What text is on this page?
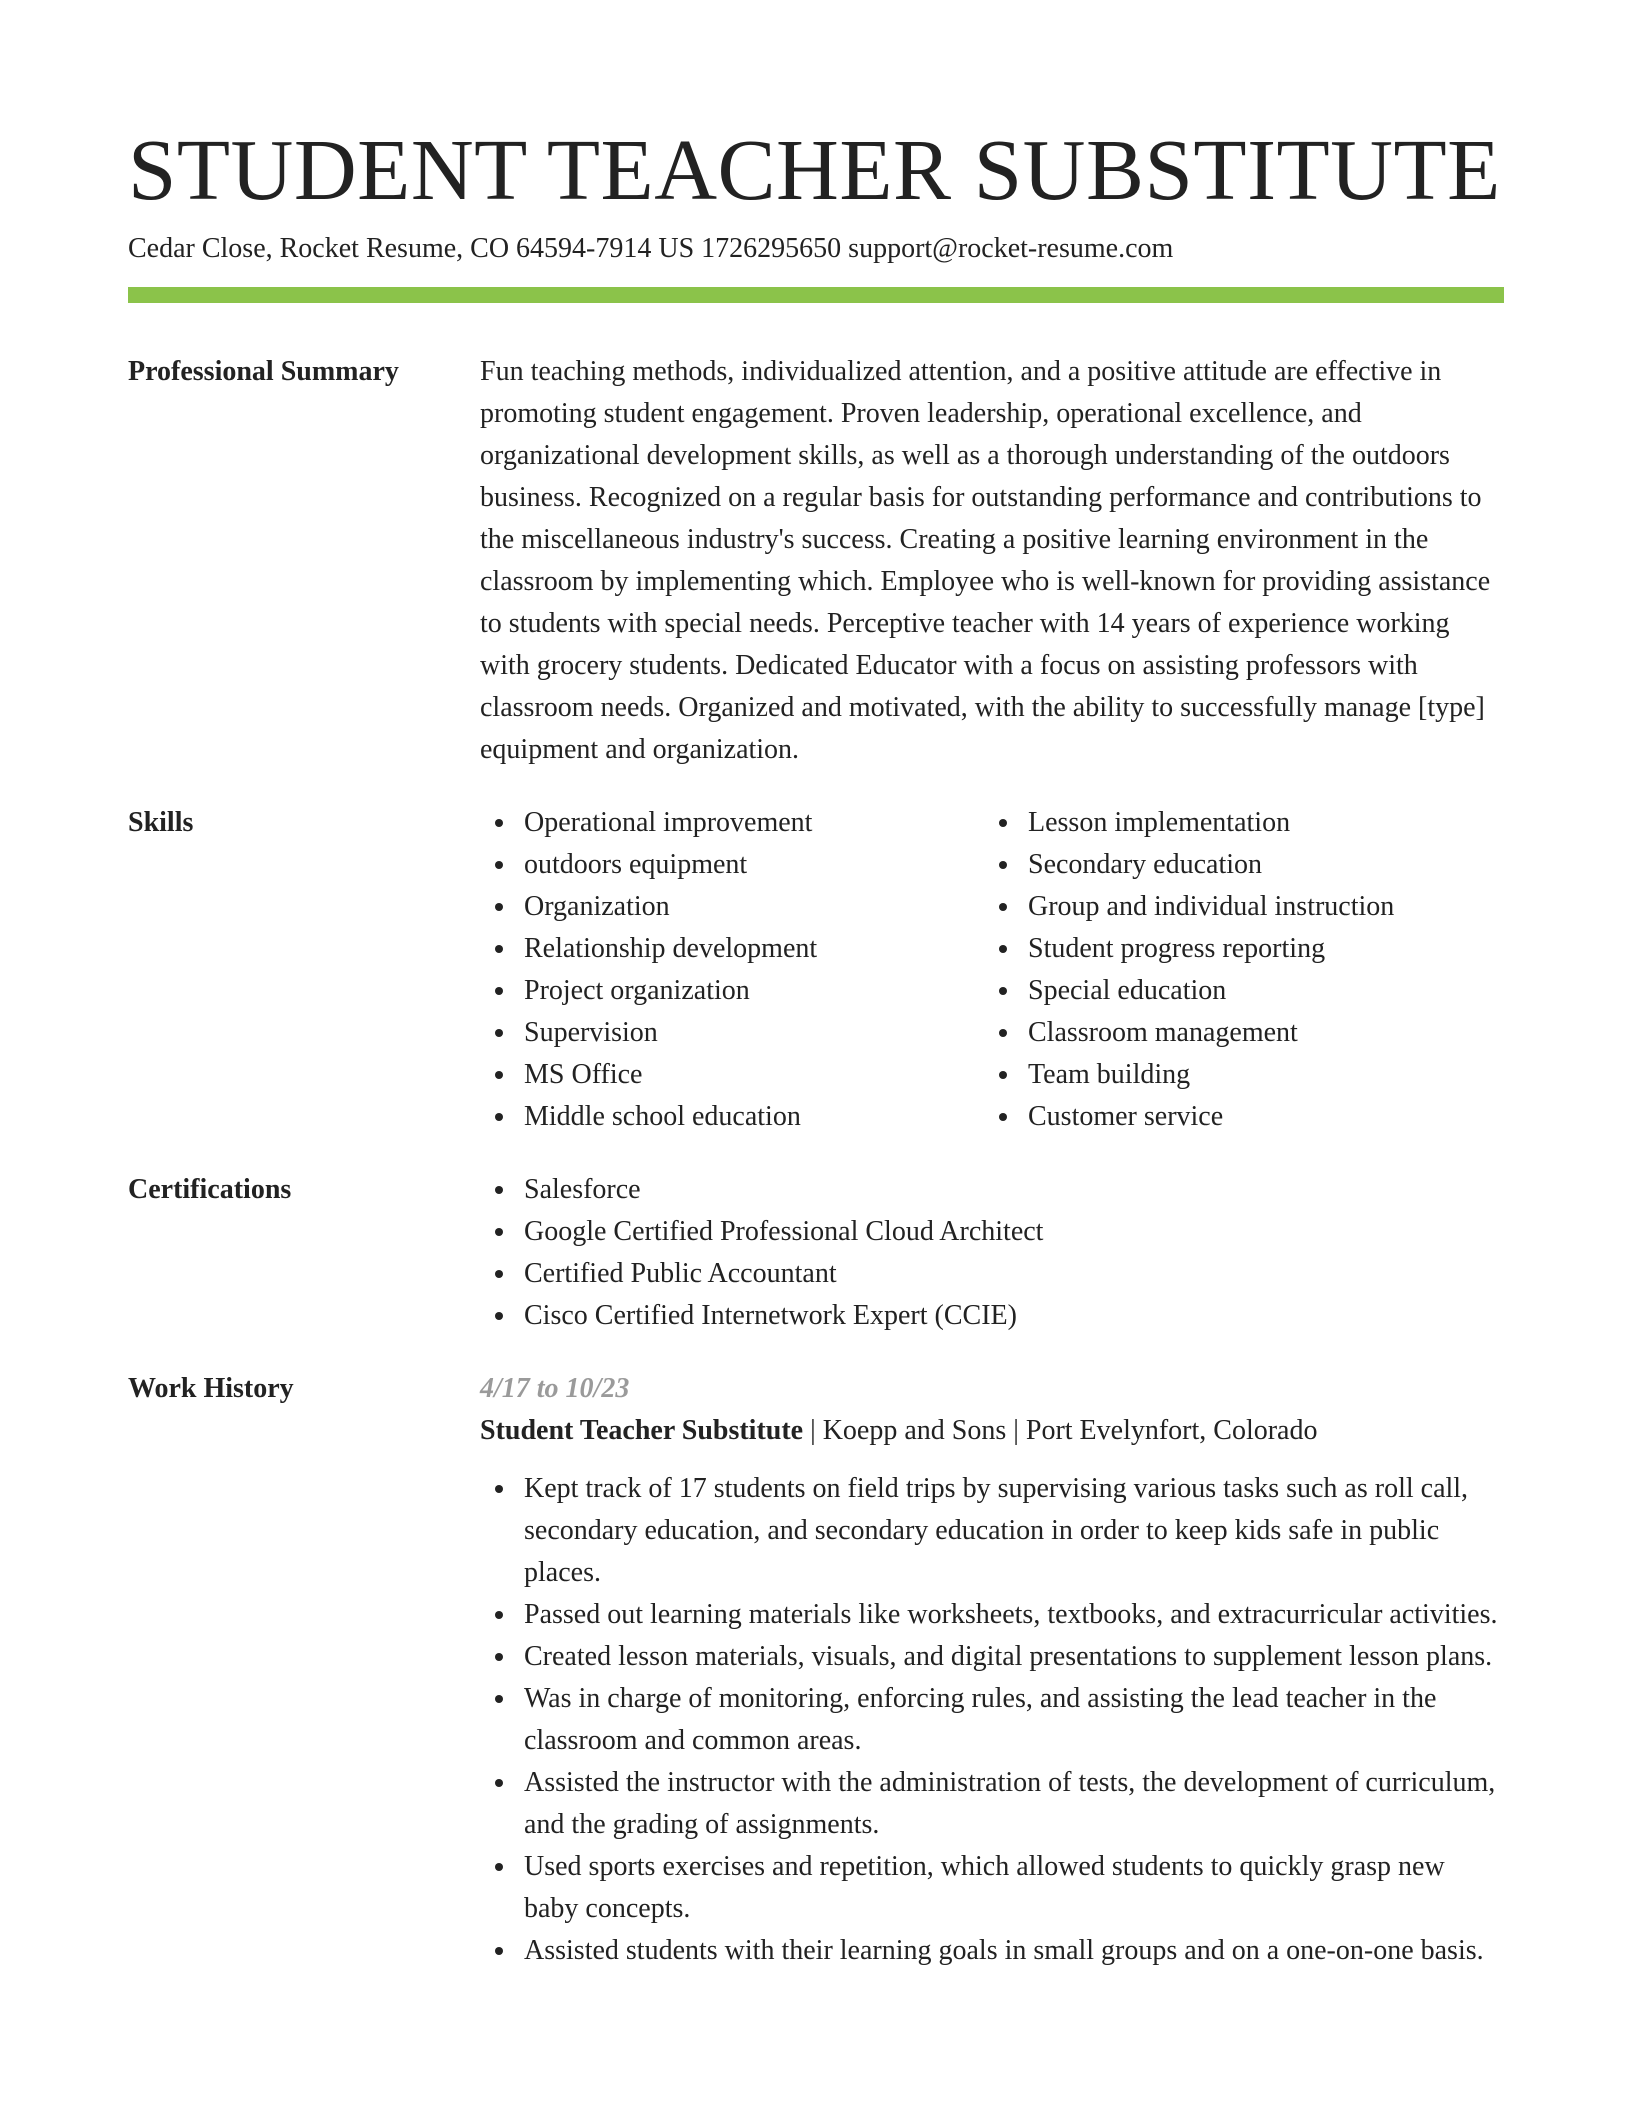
STUDENT TEACHER SUBSTITUTE
Cedar Close, Rocket Resume, CO 64594-7914 US 1726295650 support@rocket-resume.com
Professional Summary	Fun teaching methods, individualized attention, and a positive attitude are effective in promoting student engagement. Proven leadership, operational excellence, and organizational development skills, as well as a thorough understanding of the outdoors business. Recognized on a regular basis for outstanding performance and contributions to the miscellaneous industry's success. Creating a positive learning environment in the classroom by implementing which. Employee who is well-known for providing assistance to students with special needs. Perceptive teacher with 14 years of experience working with grocery students. Dedicated Educator with a focus on assisting professors with classroom needs. Organized and motivated, with the ability to successfully manage [type] equipment and organization.

Skills	Operational improvement
outdoors equipment
Organization
Relationship development
Project organization
Supervision
MS Office
Middle school education
Lesson implementation
Secondary education
Group and individual instruction
Student progress reporting
Special education
Classroom management
Team building
Customer service
Certifications	Salesforce
Google Certified Professional Cloud Architect
Certified Public Accountant
Cisco Certified Internetwork Expert (CCIE)
Work History	4/17 to 10/23
Student Teacher Substitute | Koepp and Sons | Port Evelynfort, Colorado
Kept track of 17 students on field trips by supervising various tasks such as roll call, secondary education, and secondary education in order to keep kids safe in public places.
Passed out learning materials like worksheets, textbooks, and extracurricular activities.
Created lesson materials, visuals, and digital presentations to supplement lesson plans.
Was in charge of monitoring, enforcing rules, and assisting the lead teacher in the classroom and common areas.
Assisted the instructor with the administration of tests, the development of curriculum, and the grading of assignments.
Used sports exercises and repetition, which allowed students to quickly grasp new baby concepts.
Assisted students with their learning goals in small groups and on a one-on-one basis.
